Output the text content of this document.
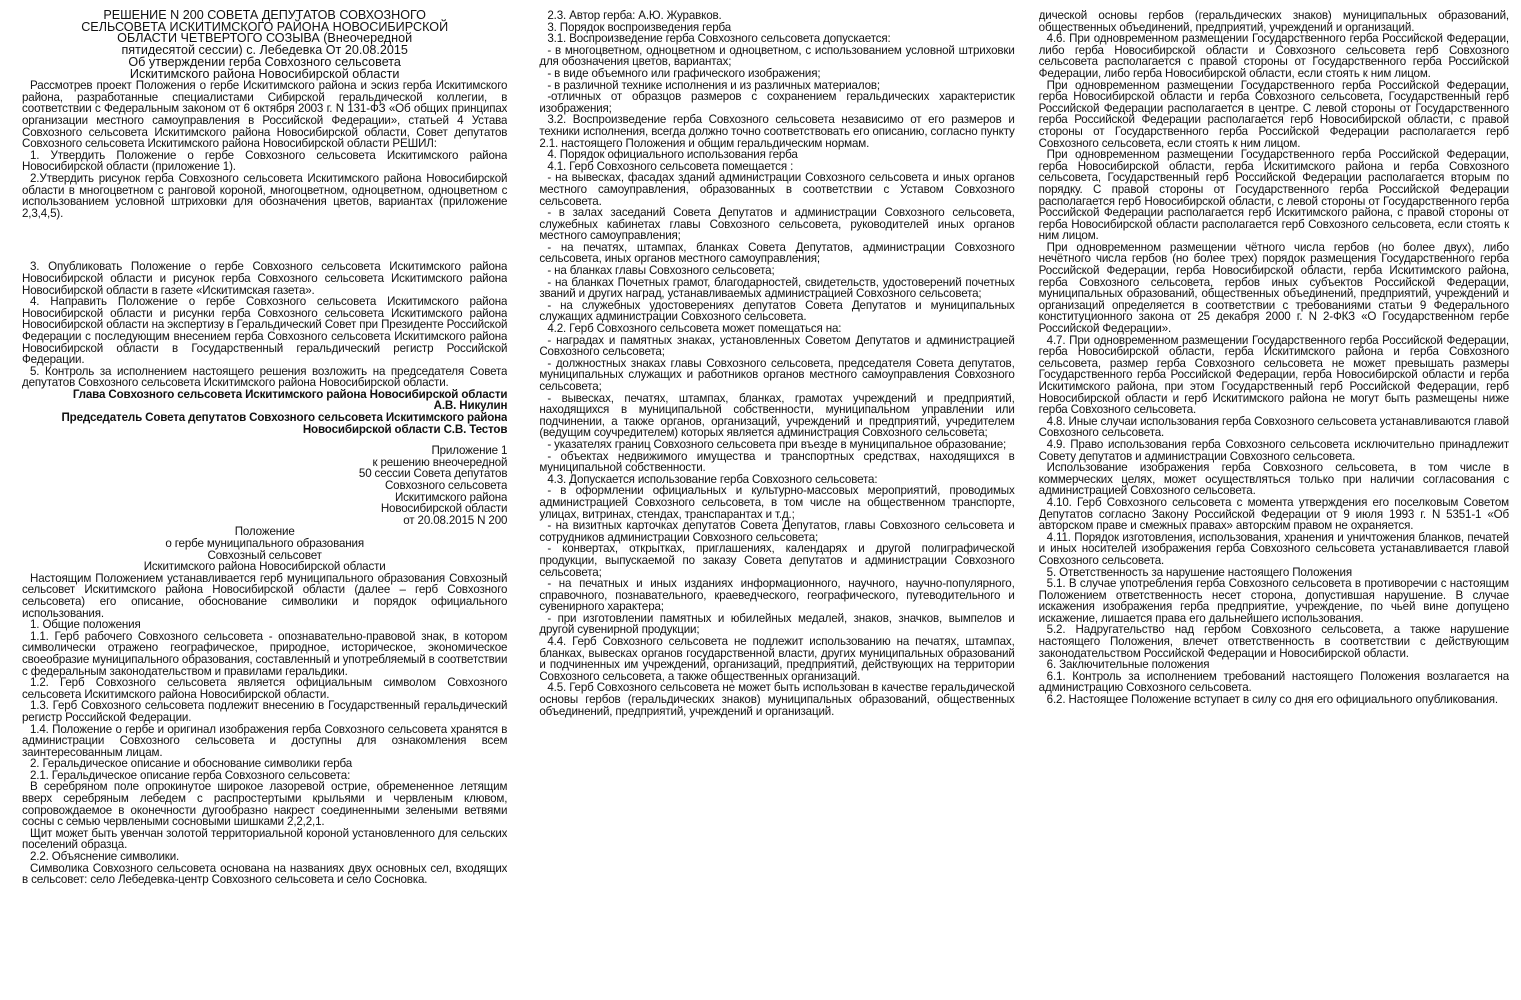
РЕШЕНИЕ N 200 СОВЕТА ДЕПУТАТОВ СОВХОЗНОГО

СЕЛЬСОВЕТА ИСКИТИМСКОГО РАЙОНА НОВОСИБИРСКОЙ

ОБЛАСТИ ЧЕТВЕРТОГО СОЗЫВА (Внеочередной

пятидесятой сессии) с. Лебедевка От 20.08.2015

Об утверждении герба Совхозного сельсовета

Искитимского района Новосибирской области

Рассмотрев проект Положения о гербе Искитимского района и эскиз герба Искитимского района, разработанные специалистами Сибирской геральдической коллегии, в соответствии с Федеральным законом от 6 октября 2003 г. N 131-ФЗ «Об общих принципах организации местного самоуправления в Российской Федерации», статьей 4 Устава Совхозного сельсовета Искитимского района Новосибирской области, Совет депутатов Совхозного сельсовета Искитимского района Новосибирской области РЕШИЛ:

1. Утвердить Положение о гербе Совхозного сельсовета Искитимского района Новосибирской области (приложение 1).

2.Утвердить рисунок герба Совхозного сельсовета Искитимского района Новосибирской области в многоцветном с ранговой короной, многоцветном, одноцветном, одноцветном с использованием условной штриховки для обозначения цветов, вариантах (приложение 2,3,4,5).

3. Опубликовать Положение о гербе Совхозного сельсовета Искитимского района Новосибирской области и рисунок герба Совхозного сельсовета Искитимского района Новосибирской области в газете «Искитимская газета».

4. Направить Положение о гербе Совхозного сельсовета Искитимского района Новосибирской области и рисунки герба Совхозного сельсовета Искитимского района Новосибирской области на экспертизу в Геральдический Совет при Президенте Российской Федерации с последующим внесением герба Совхозного сельсовета Искитимского района Новосибирской области в Государственный геральдический регистр Российской Федерации.

5. Контроль за исполнением настоящего решения возложить на председателя Совета депутатов Совхозного сельсовета Искитимского района Новосибирской области.

Глава Совхозного сельсовета Искитимского района Новосибирской области

А.В. Никулин

Председатель Совета депутатов Совхозного сельсовета Искитимского района

Новосибирской области С.В. Тестов

Приложение 1

к решению внеочередной

50 сессии Совета депутатов

Совхозного сельсовета

Искитимского района

Новосибирской области

от 20.08.2015 N 200

Положение

о гербе муниципального образования

Совхозный сельсовет

Искитимского района Новосибирской области

Настоящим Положением устанавливается герб муниципального образования Совхозный сельсовет Искитимского района Новосибирской области (далее – герб Совхозного сельсовета) его описание, обоснование символики и порядок официального использования.

1. Общие положения

1.1. Герб рабочего Совхозного сельсовета - опознавательно-правовой знак, в котором символически отражено географическое, природное, историческое, экономическое своеобразие муниципального образования, составленный и употребляемый в соответствии с федеральным законодательством и правилами геральдики.

1.2. Герб Совхозного сельсовета является официальным символом Совхозного сельсовета Искитимского района Новосибирской области.

1.3. Герб Совхозного сельсовета подлежит внесению в Государственный геральдический регистр Российской Федерации.

1.4. Положение о гербе и оригинал изображения герба Совхозного сельсовета хранятся в администрации Совхозного сельсовета и доступны для ознакомления всем заинтересованным лицам.

2. Геральдическое описание и обоснование символики герба

2.1. Геральдическое описание герба Совхозного сельсовета:

В серебряном поле опрокинутое широкое лазоревой острие, обремененное летящим вверх серебряным лебедем с распростертыми крыльями и червленым клювом, сопровождаемое в оконечности дугообразно накрест соединенными зелеными ветвями сосны с семью червлеными сосновыми шишками 2,2,2,1.

Щит может быть увенчан золотой территориальной короной установленного для сельских поселений образца.

2.2. Объяснение символики.

Символика Совхозного сельсовета основана на названиях двух основных сел, входящих в сельсовет: село Лебедевка-центр Совхозного сельсовета и село Сосновка.

2.3. Автор герба: А.Ю. Журавков.

3. Порядок воспроизведения герба

3.1. Воспроизведение герба Совхозного сельсовета допускается:

- в многоцветном, одноцветном и одноцветном, с использованием условной штриховки для обозначения цветов, вариантах;

- в виде объемного или графического изображения;

- в различной технике исполнения и из различных материалов;

-отличных от образцов размеров с сохранением геральдических характеристик изображения;

3.2. Воспроизведение герба Совхозного сельсовета независимо от его размеров и техники исполнения, всегда должно точно соответствовать его описанию, согласно пункту 2.1. настоящего Положения и общим геральдическим нормам.

4. Порядок официального использования герба

4.1. Герб Совхозного сельсовета помещается :

- на вывесках, фасадах зданий администрации Совхозного сельсовета и иных органов местного самоуправления, образованных в соответствии с Уставом Совхозного сельсовета.

- в залах заседаний Совета Депутатов и администрации Совхозного сельсовета, служебных кабинетах главы Совхозного сельсовета, руководителей иных органов местного самоуправления;

- на печатях, штампах, бланках Совета Депутатов, администрации Совхозного сельсовета, иных органов местного самоуправления;

- на бланках главы Совхозного сельсовета;

- на бланках Почетных грамот, благодарностей, свидетельств, удостоверений почетных званий и других наград, устанавливаемых администрацией Совхозного сельсовета;

- на служебных удостоверениях депутатов Совета Депутатов и муниципальных служащих администрации Совхозного сельсовета.

4.2. Герб Совхозного сельсовета может помещаться на:

- наградах и памятных знаках, установленных Советом Депутатов и администрацией Совхозного сельсовета;

- должностных знаках главы Совхозного сельсовета, председателя Совета депутатов, муниципальных служащих и работников органов местного самоуправления Совхозного сельсовета;

- вывесках, печатях, штампах, бланках, грамотах учреждений и предприятий, находящихся в муниципальной собственности, муниципальном управлении или подчинении, а также органов, организаций, учреждений и предприятий, учредителем (ведущим соучредителем) которых является администрация Совхозного сельсовета;

- указателях границ Совхозного сельсовета при въезде в муниципальное образование;

- объектах недвижимого имущества и транспортных средствах, находящихся в муниципальной собственности.

4.3. Допускается использование герба Совхозного сельсовета:

- в оформлении официальных и культурно-массовых мероприятий, проводимых администрацией Совхозного сельсовета, в том числе на общественном транспорте, улицах, витринах, стендах, транспарантах и т.д.;

- на визитных карточках депутатов Совета Депутатов, главы Совхозного сельсовета и сотрудников администрации Совхозного сельсовета;

- конвертах, открытках, приглашениях, календарях и другой полиграфической продукции, выпускаемой по заказу Совета депутатов и администрации Совхозного сельсовета;

- на печатных и иных изданиях информационного, научного, научно-популярного, справочного, познавательного, краеведческого, географического, путеводительного и сувенирного характера;

- при изготовлении памятных и юбилейных медалей, знаков, значков, вымпелов и другой сувенирной продукции;

4.4. Герб Совхозного сельсовета не подлежит использованию на печатях, штампах, бланках, вывесках органов государственной власти, других муниципальных образований и подчиненных им учреждений, организаций, предприятий, действующих на территории Совхозного сельсовета, а также общественных организаций.

4.5. Герб Совхозного сельсовета не может быть использован в качестве геральдической основы гербов (геральдических знаков) муниципальных образований, общественных объединений, предприятий, учреждений и организаций.

дической основы гербов (геральдических знаков) муниципальных образований, общественных объединений, предприятий, учреждений и организаций.

4.6. При одновременном размещении Государственного герба Российской Федерации, либо герба Новосибирской области и Совхозного сельсовета герб Совхозного сельсовета располагается с правой стороны от Государственного герба Российской Федерации, либо герба Новосибирской области, если стоять к ним лицом.

При одновременном размещении Государственного герба Российской Федерации, герба Новосибирской области и герба Совхозного сельсовета, Государственный герб Российской Федерации располагается в центре. С левой стороны от Государственного герба Российской Федерации располагается герб Новосибирской области, с правой стороны от Государственного герба Российской Федерации располагается герб Совхозного сельсовета, если стоять к ним лицом.

При одновременном размещении Государственного герба Российской Федерации, герба Новосибирской области, герба Искитимского района и герба Совхозного сельсовета, Государственный герб Российской Федерации располагается вторым по порядку. С правой стороны от Государственного герба Российской Федерации располагается герб Новосибирской области, с левой стороны от Государственного герба Российской Федерации располагается герб Искитимского района, с правой стороны от герба Новосибирской области располагается герб Совхозного сельсовета, если стоять к ним лицом.

При одновременном размещении чётного числа гербов (но более двух), либо нечётного числа гербов (но более трех) порядок размещения Государственного герба Российской Федерации, герба Новосибирской области, герба Искитимского района, герба Совхозного сельсовета, гербов иных субъектов Российской Федерации, муниципальных образований, общественных объединений, предприятий, учреждений и организаций определяется в соответствии с требованиями статьи 9 Федерального конституционного закона от 25 декабря 2000 г. N 2-ФКЗ «О Государственном гербе Российской Федерации».

4.7. При одновременном размещении Государственного герба Российской Федерации, герба Новосибирской области, герба Искитимского района и герба Совхозного сельсовета, размер герба Совхозного сельсовета не может превышать размеры Государственного герба Российской Федерации, герба Новосибирской области и герба Искитимского района, при этом Государственный герб Российской Федерации, герб Новосибирской области и герб Искитимского района не могут быть размещены ниже герба Совхозного сельсовета.

4.8. Иные случаи использования герба Совхозного сельсовета устанавливаются главой Совхозного сельсовета.

4.9. Право использования герба Совхозного сельсовета исключительно принадлежит Совету депутатов и администрации Совхозного сельсовета.

Использование изображения герба Совхозного сельсовета, в том числе в коммерческих целях, может осуществляться только при наличии согласования с администрацией Совхозного сельсовета.

4.10. Герб Совхозного сельсовета с момента утверждения его поселковым Советом Депутатов согласно Закону Российской Федерации от 9 июля 1993 г. N 5351-1 «Об авторском праве и смежных правах» авторским правом не охраняется.

4.11. Порядок изготовления, использования, хранения и уничтожения бланков, печатей и иных носителей изображения герба Совхозного сельсовета устанавливается главой Совхозного сельсовета.

5. Ответственность за нарушение настоящего Положения

5.1. В случае употребления герба Совхозного сельсовета в противоречии с настоящим Положением ответственность несет сторона, допустившая нарушение. В случае искажения изображения герба предприятие, учреждение, по чьей вине допущено искажение, лишается права его дальнейшего использования.

5.2. Надругательство над гербом Совхозного сельсовета, а также нарушение настоящего Положения, влечет ответственность в соответствии с действующим законодательством Российской Федерации и Новосибирской области.

6. Заключительные положения

6.1. Контроль за исполнением требований настоящего Положения возлагается на администрацию Совхозного сельсовета.

6.2. Настоящее Положение вступает в силу со дня его официального опубликования.
